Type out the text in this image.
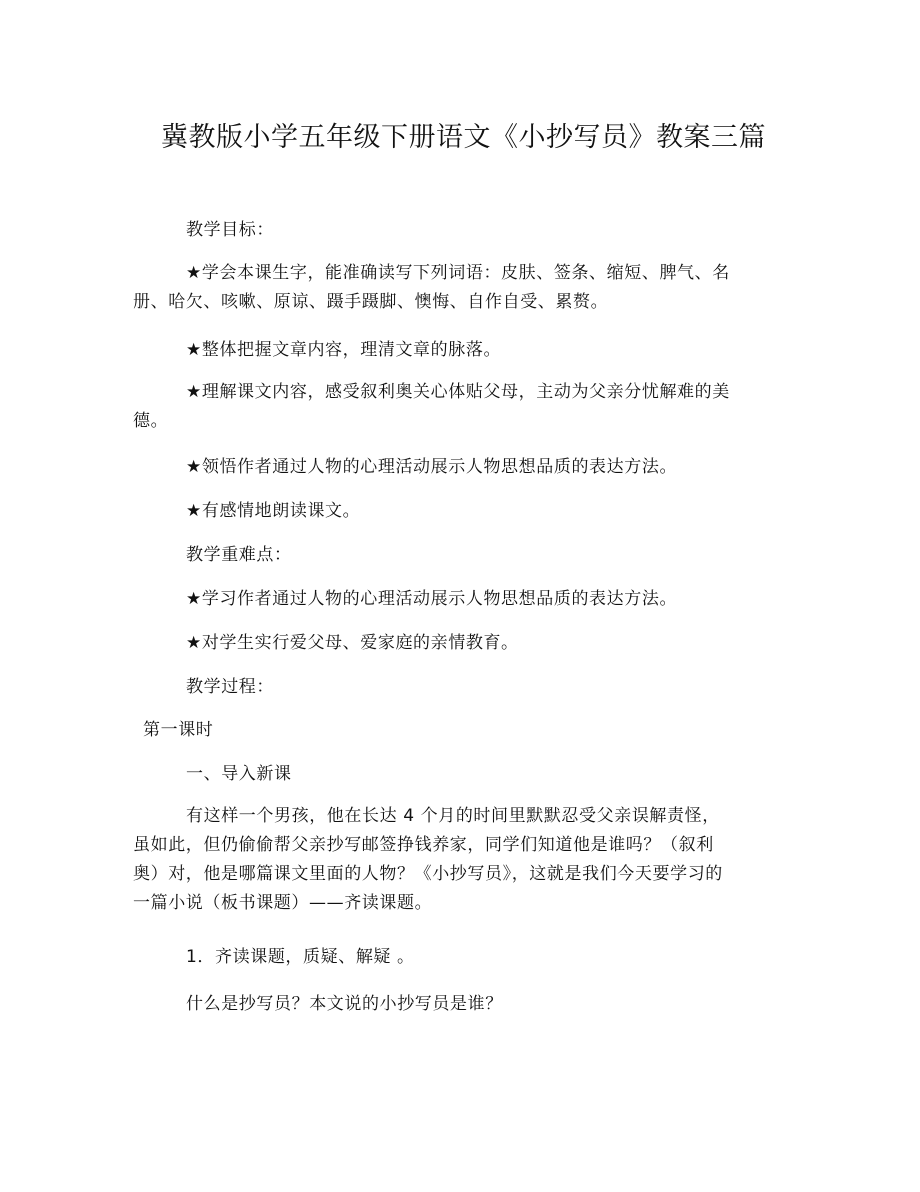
冀教版小学五年级下册语文《小抄写员》教案三篇

教学目标：

★学会本课生字，能准确读写下列词语：皮肤、签条、缩短、脾气、名册、哈欠、咳嗽、原谅、蹑手蹑脚、懊悔、自作自受、累赘。

★整体把握文章内容，理清文章的脉落。

★理解课文内容，感受叙利奥关心体贴父母，主动为父亲分忧解难的美德。

★领悟作者通过人物的心理活动展示人物思想品质的表达方法。

★有感情地朗读课文。

教学重难点：

★学习作者通过人物的心理活动展示人物思想品质的表达方法。

★对学生实行爱父母、爱家庭的亲情教育。

教学过程：

第一课时

一、导入新课

有这样一个男孩，他在长达 4 个月的时间里默默忍受父亲误解责怪，虽如此，但仍偷偷帮父亲抄写邮签挣钱养家，同学们知道他是谁吗？（叙利奥）对，他是哪篇课文里面的人物？《小抄写员》，这就是我们今天要学习的一篇小说（板书课题）——齐读课题。

1．齐读课题，质疑、解疑 。

什么是抄写员？本文说的小抄写员是谁？
